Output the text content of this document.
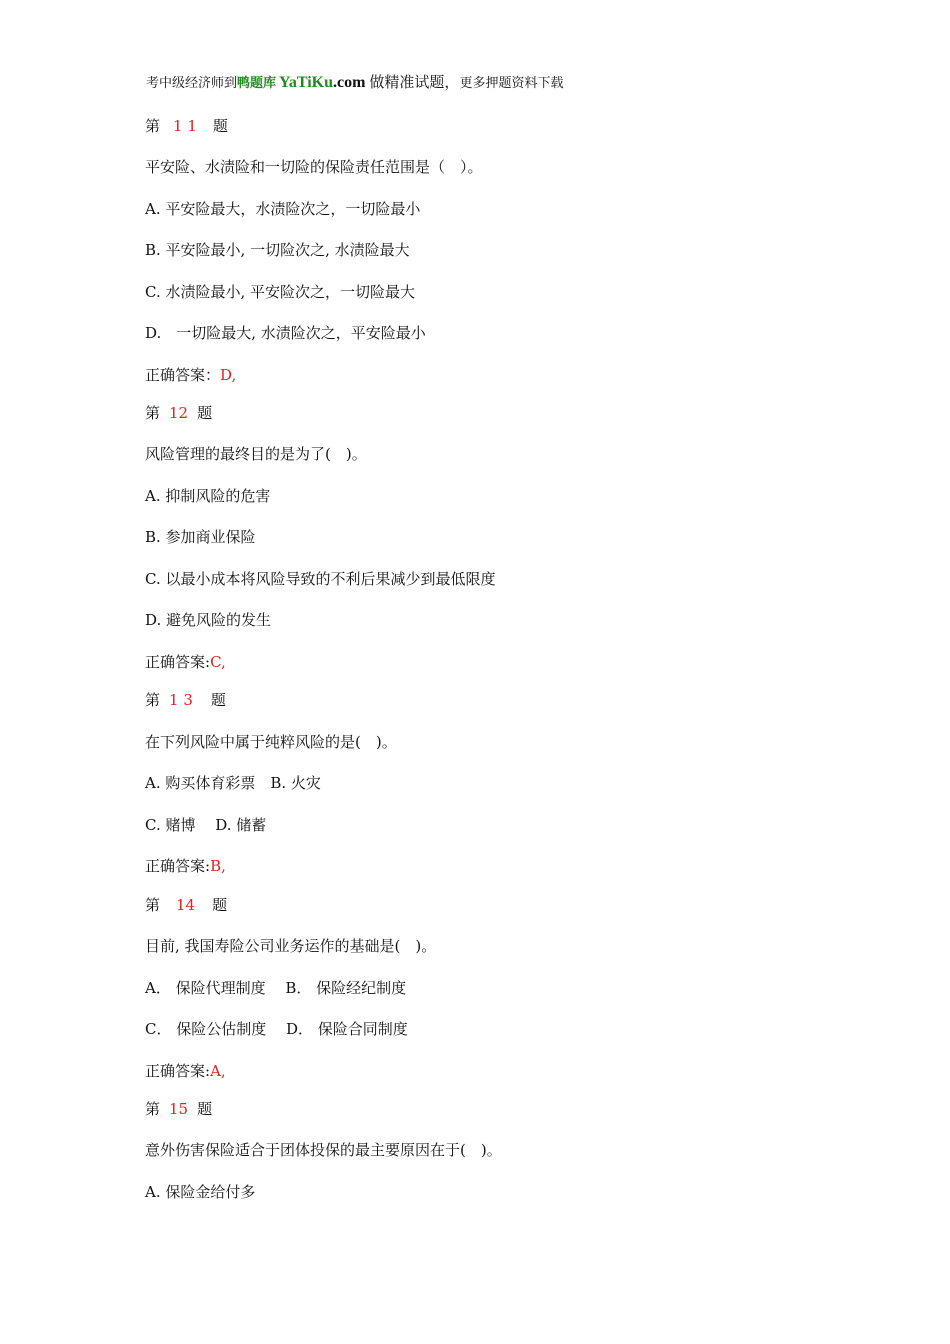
考中级经济师到鸭题库 YaTiKu.com 做精准试题，更多押题资料下载
第 1 1 题
平安险、水渍险和一切险的保险责任范围是（　）。
A. 平安险最大，水渍险次之，一切险最小
B. 平安险最小, 一切险次之, 水渍险最大
C. 水渍险最小, 平安险次之，一切险最大
D.　一切险最大, 水渍险次之，平安险最小
正确答案：D,
第 12 题
风险管理的最终目的是为了(　)。
A. 抑制风险的危害
B. 参加商业保险
C. 以最小成本将风险导致的不利后果减少到最低限度
D. 避免风险的发生
正确答案:C,
第 1 3 题
在下列风险中属于纯粹风险的是(　)。
A. 购买体育彩票　B. 火灾
C. 赌博　 D. 储蓄
正确答案:B,
第 14 题
目前, 我国寿险公司业务运作的基础是(　)。
A． 保险代理制度　 B． 保险经纪制度
C． 保险公估制度　 D． 保险合同制度
正确答案:A,
第 15 题
意外伤害保险适合于团体投保的最主要原因在于(　)。
A. 保险金给付多
